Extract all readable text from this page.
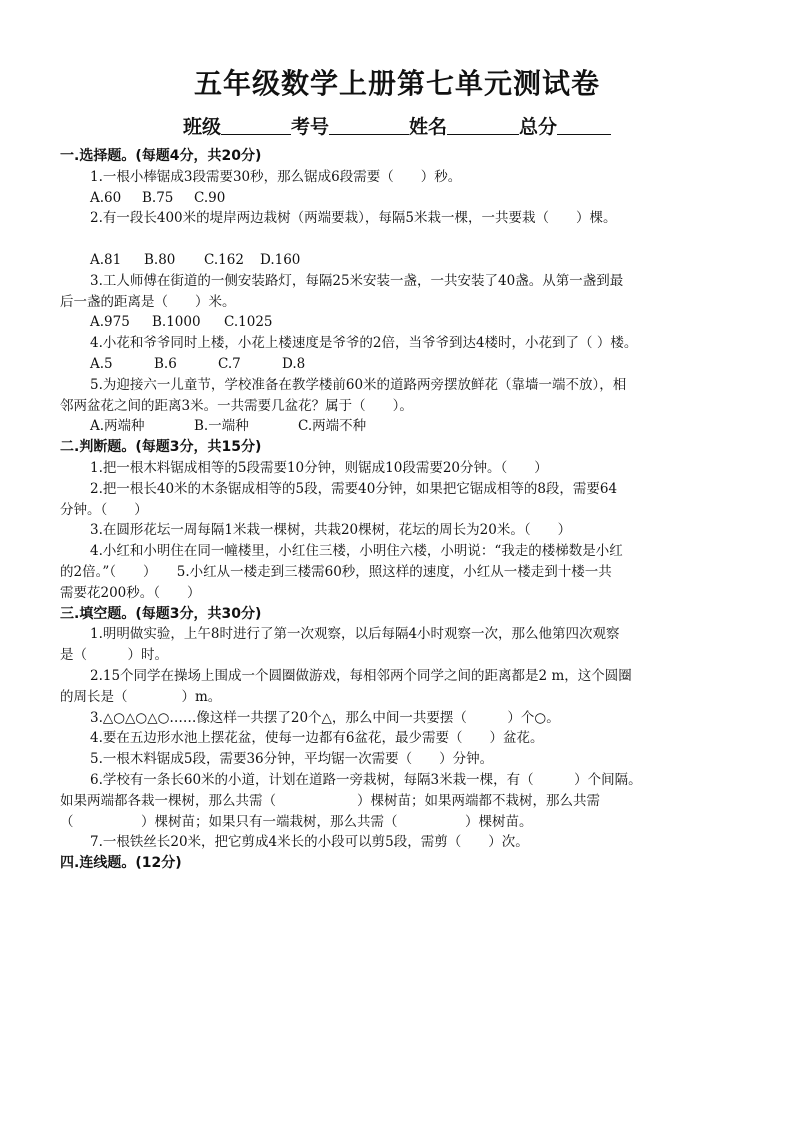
五年级数学上册第七单元测试卷
班级	考号	姓名	总分
一.选择题。(每题4分，共20分)
1.一根小棒锯成3段需要30秒，那么锯成6段需要（　　）秒。
A.60 B.75 C.90
2.有一段长400米的堤岸两边栽树（两端要栽），每隔5米栽一棵，一共要栽（　　）棵。
A.81 B.80 C.162 D.160
3.工人师傅在街道的一侧安装路灯，每隔25米安装一盏，一共安装了40盏。从第一盏到最
后一盏的距离是（　　）米。
A.975 B.1000 C.1025
4.小花和爷爷同时上楼，小花上楼速度是爷爷的2倍，当爷爷到达4楼时，小花到了（ ）楼。
A.5	B.6	C.7	D.8
5.为迎接六一儿童节，学校准备在教学楼前60米的道路两旁摆放鲜花（靠墙一端不放），相
邻两盆花之间的距离3米。一共需要几盆花？属于（　　）。
A.两端种	B.一端种	C.两端不种
二.判断题。(每题3分，共15分)
1.把一根木料锯成相等的5段需要10分钟，则锯成10段需要20分钟。（　　）
2.把一根长40米的木条锯成相等的5段，需要40分钟，如果把它锯成相等的8段，需要64
分钟。（　　）
3.在圆形花坛一周每隔1米栽一棵树，共栽20棵树，花坛的周长为20米。（　　）
4.小红和小明住在同一幢楼里，小红住三楼，小明住六楼，小明说：“我走的楼梯数是小红
的2倍。”（　　）　　5.小红从一楼走到三楼需60秒，照这样的速度，小红从一楼走到十楼一共
需要花200秒。（　　）
三.填空题。(每题3分，共30分)
1.明明做实验，上午8时进行了第一次观察，以后每隔4小时观察一次，那么他第四次观察
是（　　　）时。
2.15个同学在操场上围成一个圆圈做游戏，每相邻两个同学之间的距离都是2 m，这个圆圈
的周长是（　　　　）m。
3.△○△○△○……像这样一共摆了20个△，那么中间一共要摆（　　　）个○。
4.要在五边形水池上摆花盆，使每一边都有6盆花，最少需要（　　）盆花。
5.一根木料锯成5段，需要36分钟，平均锯一次需要（　　）分钟。
6.学校有一条长60米的小道，计划在道路一旁栽树，每隔3米栽一棵，有（　　　）个间隔。
如果两端都各栽一棵树，那么共需（　　　　　　）棵树苗；如果两端都不栽树，那么共需
（　　　　　）棵树苗；如果只有一端栽树，那么共需（　　　　　）棵树苗。
7.一根铁丝长20米，把它剪成4米长的小段可以剪5段，需剪（　　）次。
四.连线题。(12分)
